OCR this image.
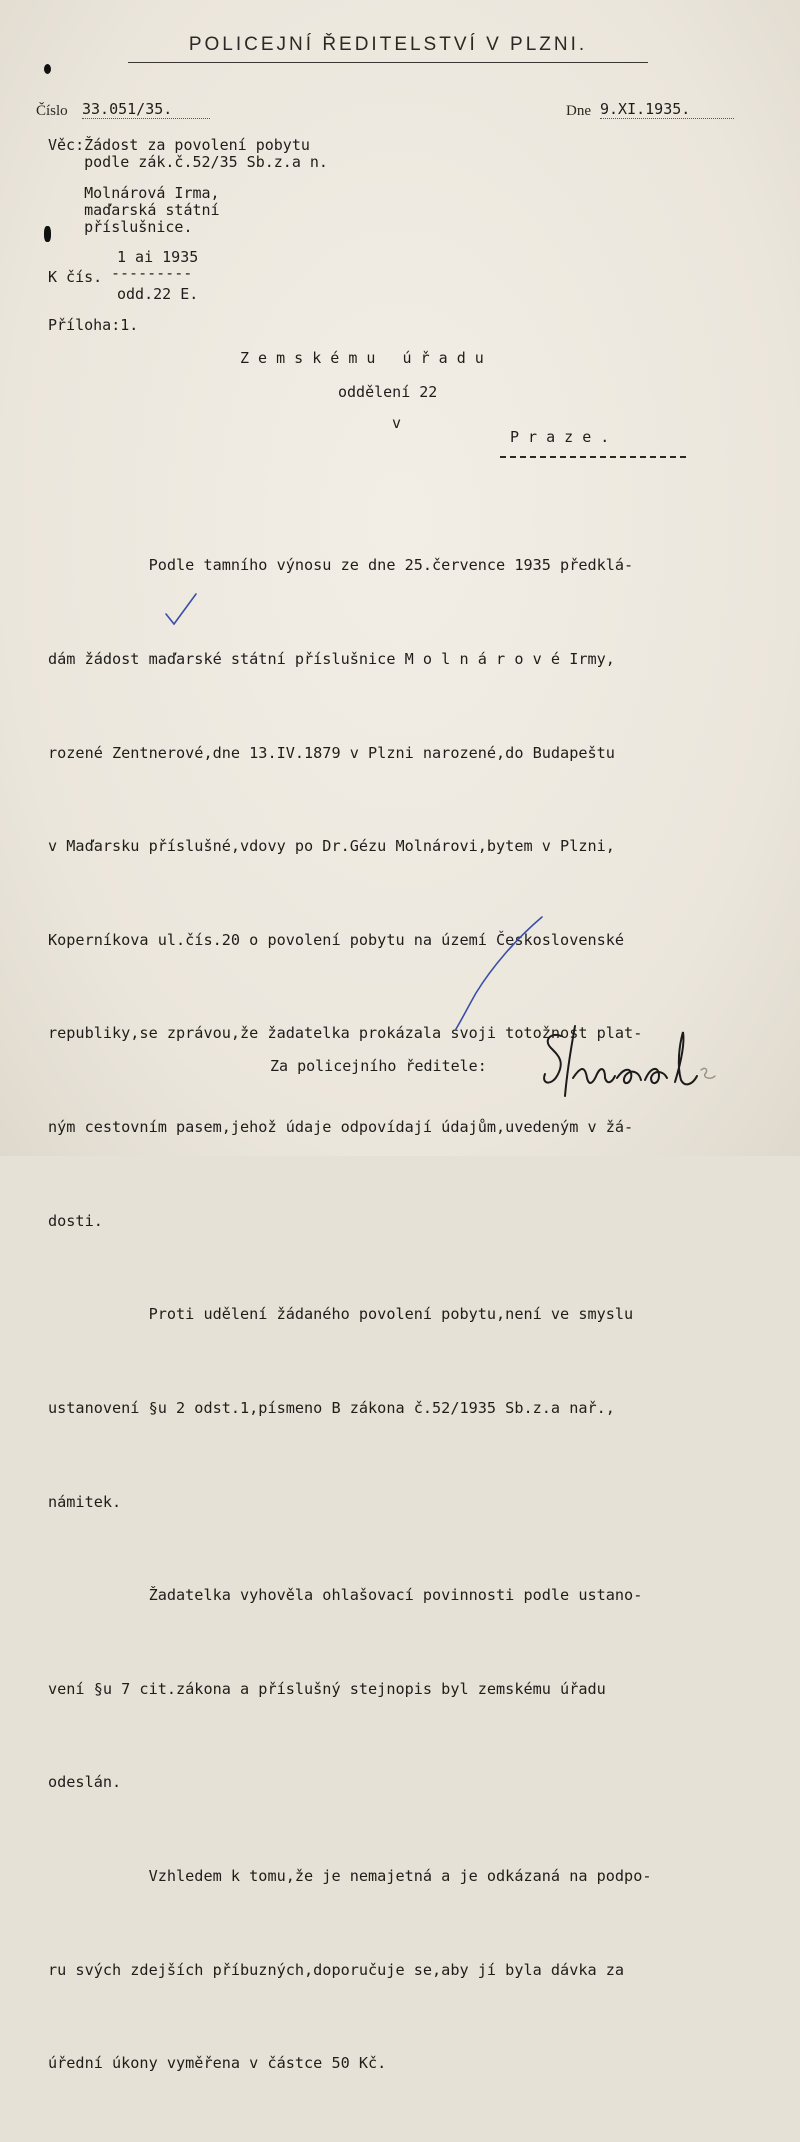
POLICEJNÍ ŘEDITELSTVÍ V PLZNI.
Číslo 33.051/35.	Dne 9.XI.1935.
Věc:Žádost za povolení pobytu
podle zák.č.52/35 Sb.z.a n.
Molnárová Irma,
maďarská státní
příslušnice.
1 ai 1935
K čís. ---------
odd.22 E.
Příloha:1.
Z e m s k é m u   ú ř a d u
oddělení 22
v
P r a z e .

Podle tamního výnosu ze dne 25.července 1935 předklá-

dám žádost maďarské státní příslušnice M o l n á r o v é Irmy,

rozené Zentnerové,dne 13.IV.1879 v Plzni narozené,do Budapeštu

v Maďarsku příslušné,vdovy po Dr.Gézu Molnárovi,bytem v Plzni,

Koperníkova ul.čís.20 o povolení pobytu na území Československé

republiky,se zprávou,že žadatelka prokázala svoji totožnost plat-

ným cestovním pasem,jehož údaje odpovídají údajům,uvedeným v žá-

dosti.

Proti udělení žádaného povolení pobytu,není ve smyslu

ustanovení §u 2 odst.1,písmeno B zákona č.52/1935 Sb.z.a nař.,

námitek.

Žadatelka vyhověla ohlašovací povinnosti podle ustano-

vení §u 7 cit.zákona a příslušný stejnopis byl zemskému úřadu

odeslán.

Vzhledem k tomu,že je nemajetná a je odkázaná na podpo-

ru svých zdejších příbuzných,doporučuje se,aby jí byla dávka za

úřední úkony vyměřena v částce 50 Kč.

Za policejního ředitele:
